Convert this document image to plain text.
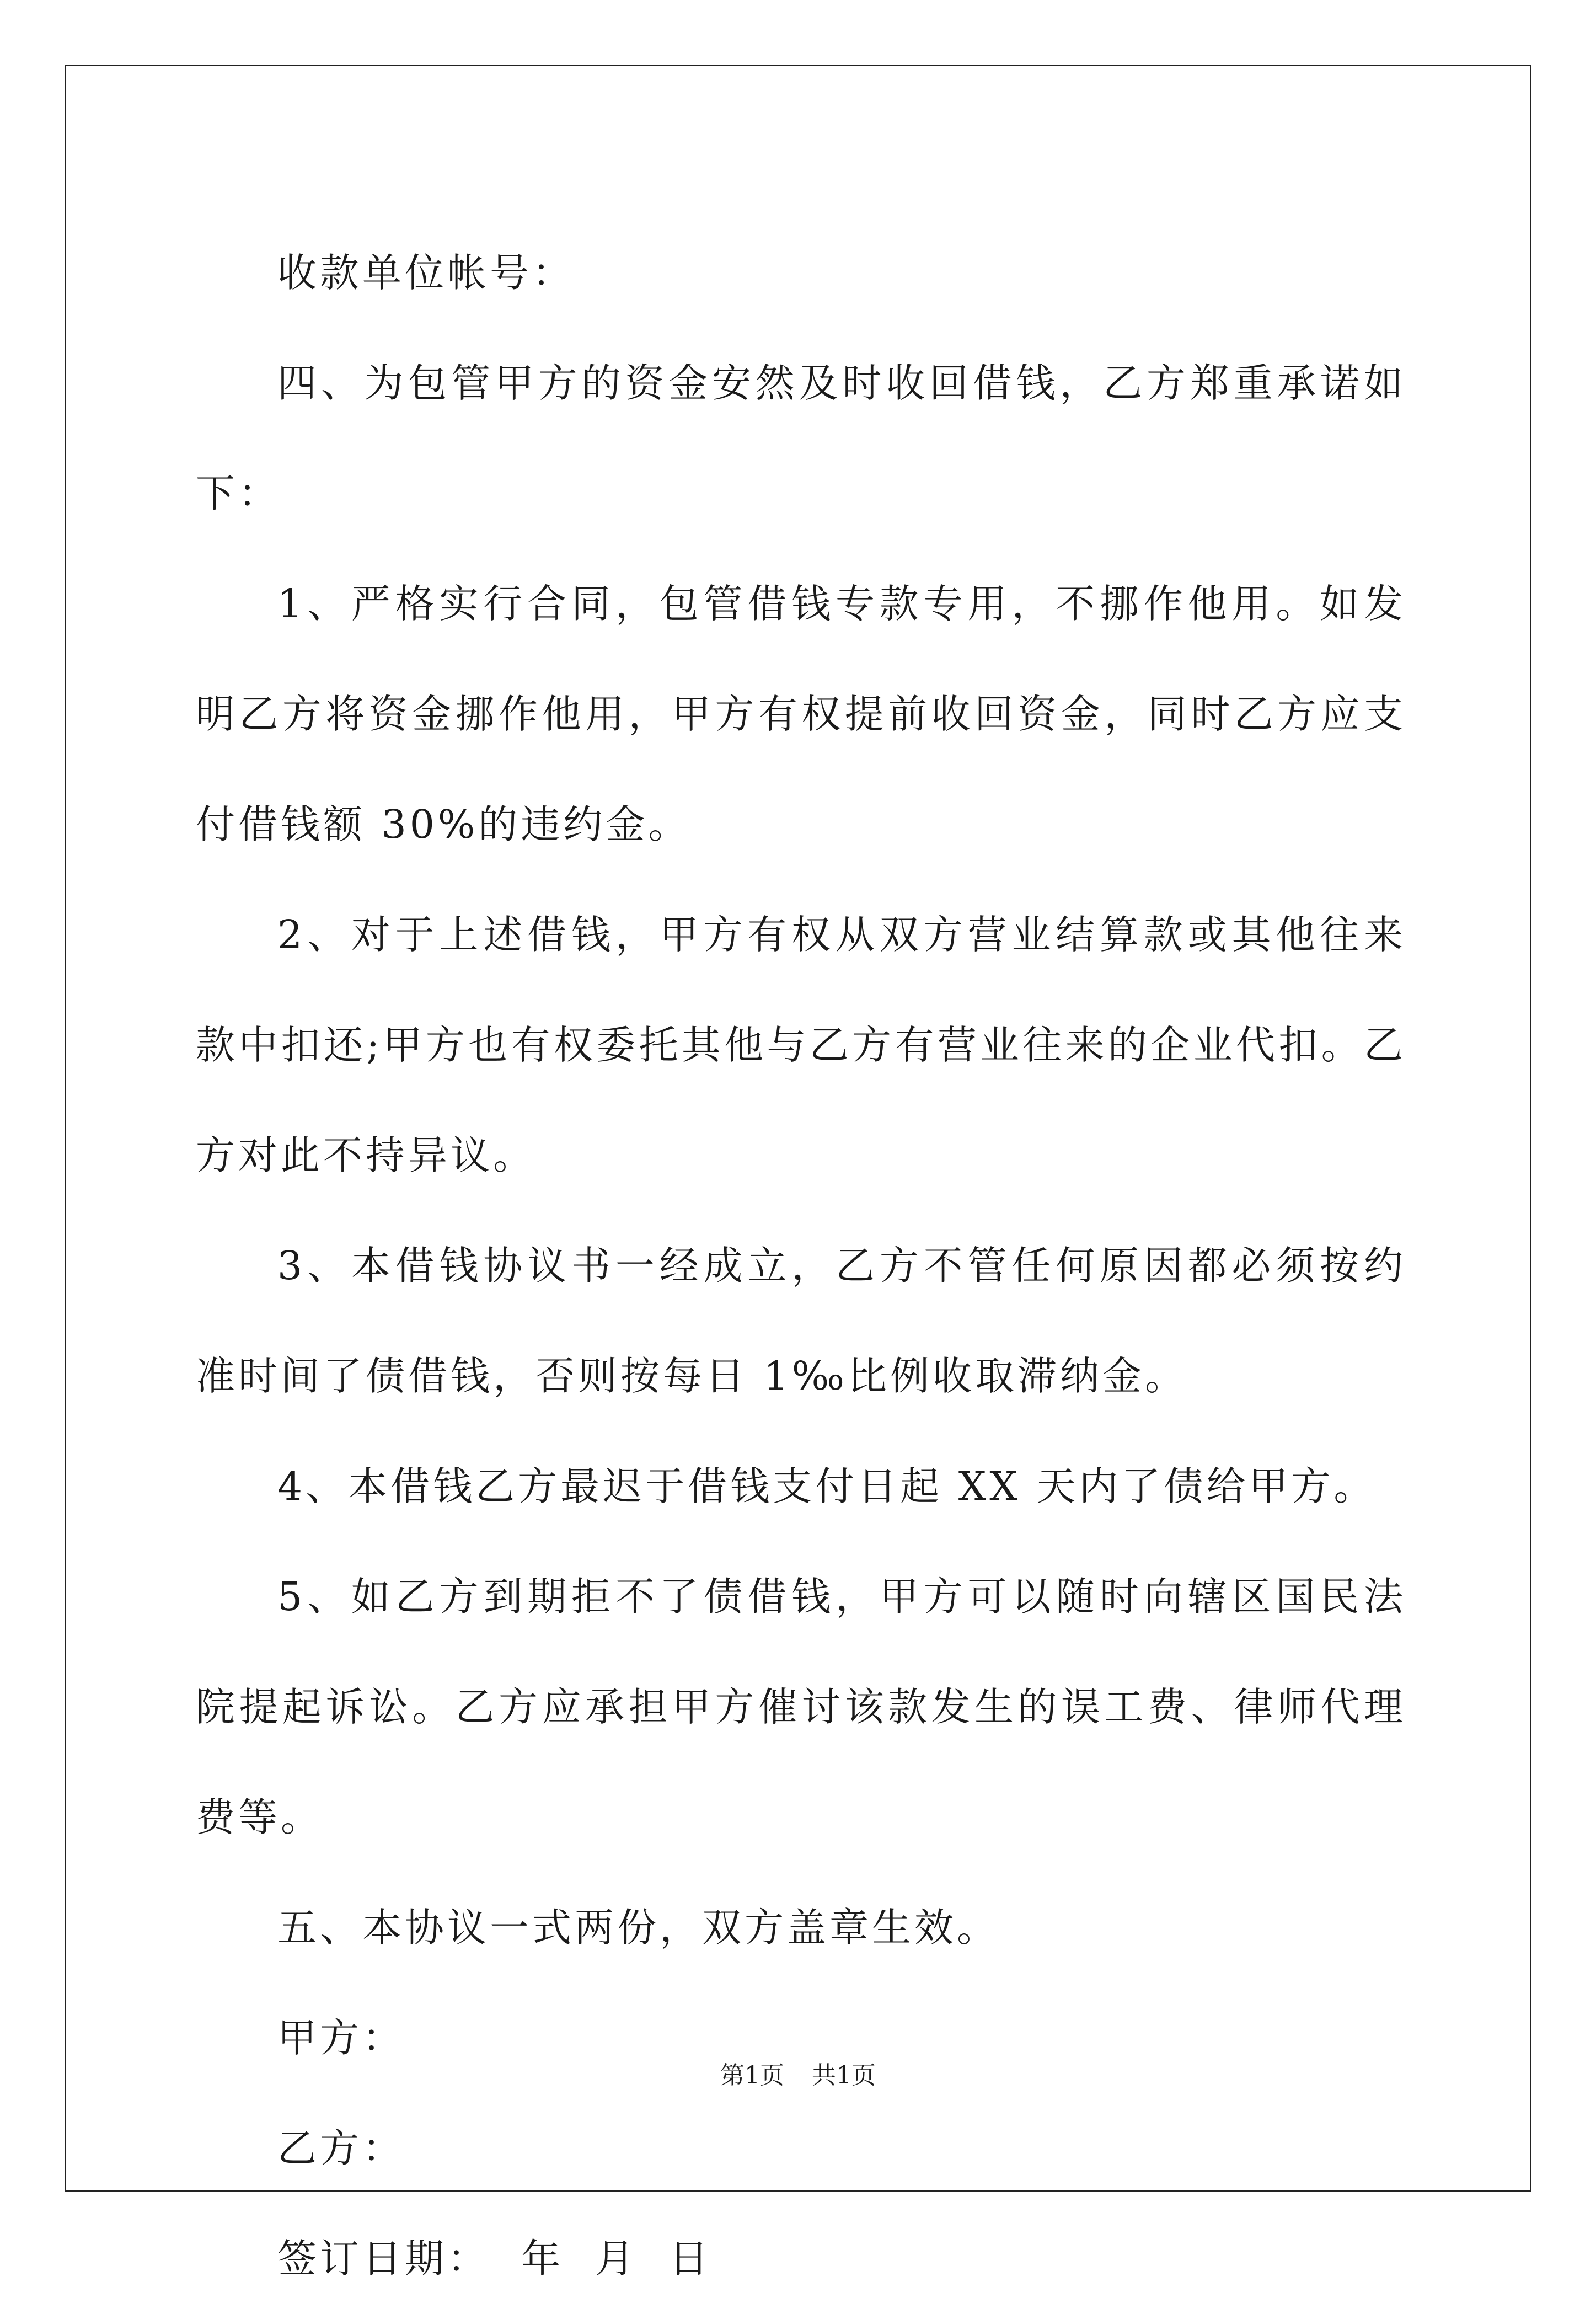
收款单位帐号：

四、为包管甲方的资金安然及时收回借钱，乙方郑重承诺如下：

1、严格实行合同，包管借钱专款专用，不挪作他用。如发明乙方将资金挪作他用，甲方有权提前收回资金，同时乙方应支付借钱额 30%的违约金。

2、对于上述借钱，甲方有权从双方营业结算款或其他往来款中扣还;甲方也有权委托其他与乙方有营业往来的企业代扣。乙方对此不持异议。

3、本借钱协议书一经成立，乙方不管任何原因都必须按约准时间了债借钱，否则按每日 1‰比例收取滞纳金。

4、本借钱乙方最迟于借钱支付日起 XX 天内了债给甲方。

5、如乙方到期拒不了债借钱，甲方可以随时向辖区国民法院提起诉讼。乙方应承担甲方催讨该款发生的误工费、律师代理费等。

五、本协议一式两份，双方盖章生效。

甲方：

乙方：

签订日期：  年  月  日

第1页 共1页
